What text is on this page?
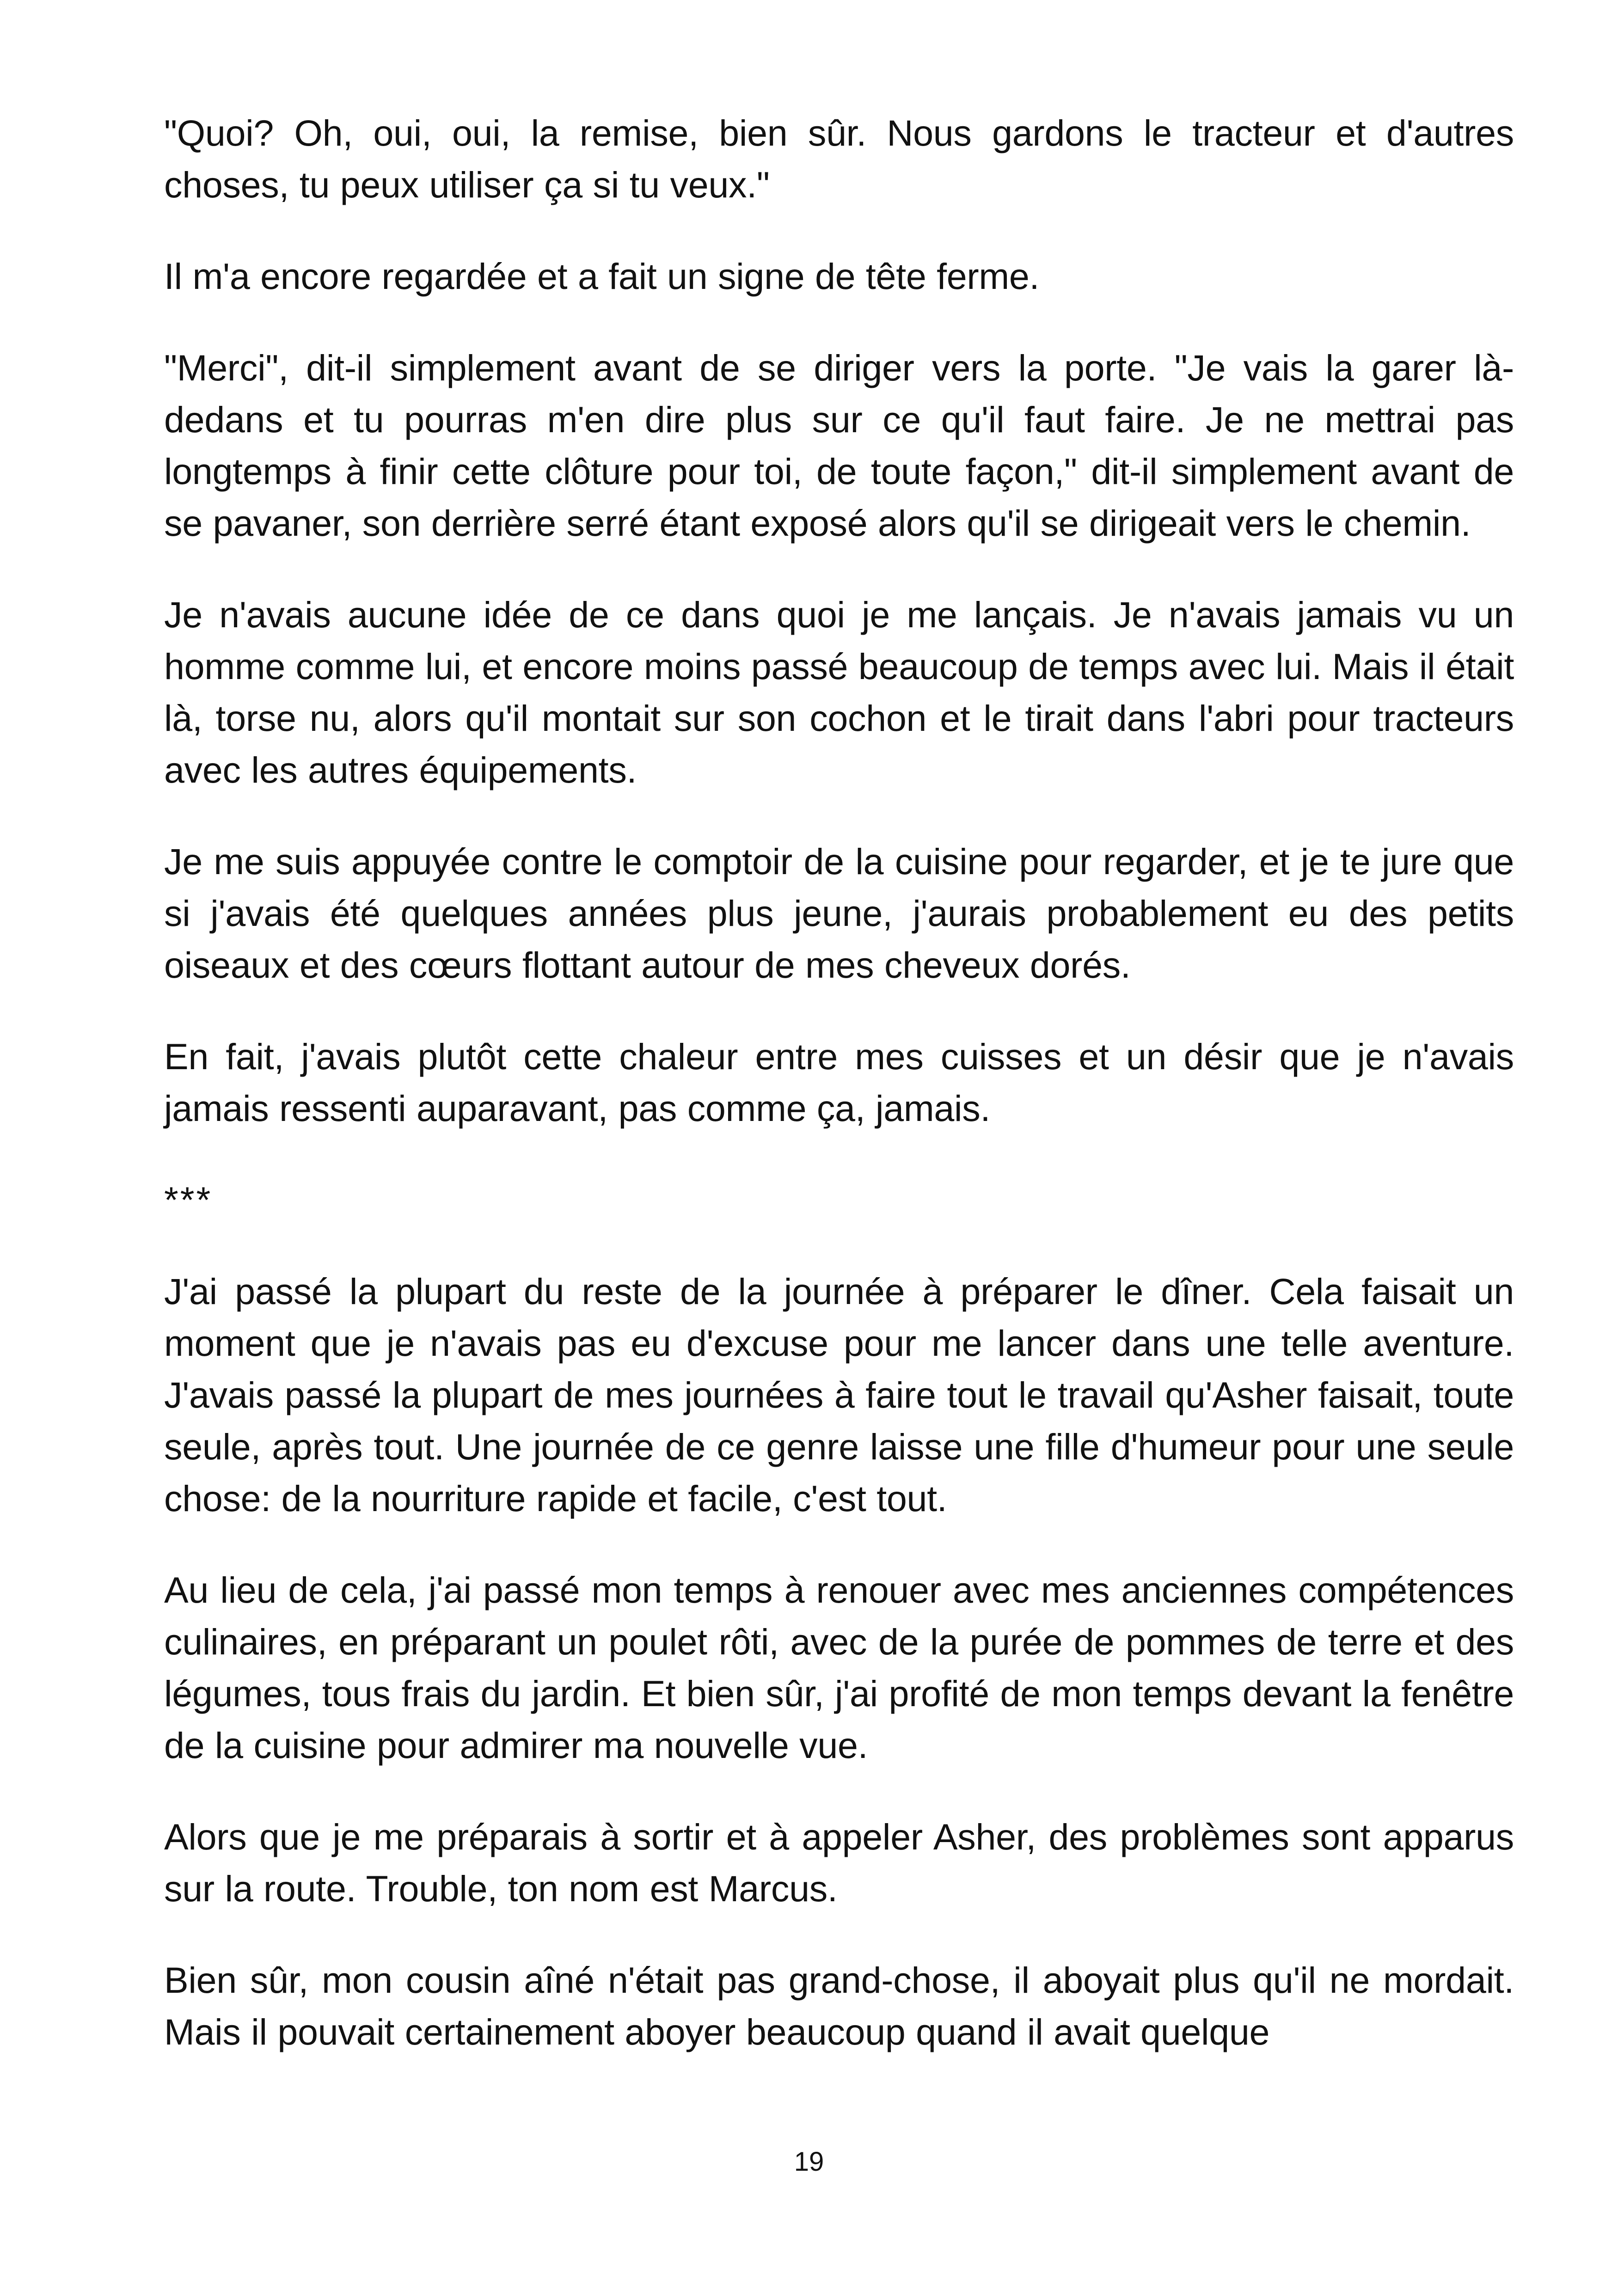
"Quoi? Oh, oui, oui, la remise, bien sûr. Nous gardons le tracteur et d'autres choses, tu peux utiliser ça si tu veux."

Il m'a encore regardée et a fait un signe de tête ferme.

"Merci", dit-il simplement avant de se diriger vers la porte. "Je vais la garer là-dedans et tu pourras m'en dire plus sur ce qu'il faut faire. Je ne mettrai pas longtemps à finir cette clôture pour toi, de toute façon," dit-il simplement avant de se pavaner, son derrière serré étant exposé alors qu'il se dirigeait vers le chemin.

Je n'avais aucune idée de ce dans quoi je me lançais. Je n'avais jamais vu un homme comme lui, et encore moins passé beaucoup de temps avec lui. Mais il était là, torse nu, alors qu'il montait sur son cochon et le tirait dans l'abri pour tracteurs avec les autres équipements.

Je me suis appuyée contre le comptoir de la cuisine pour regarder, et je te jure que si j'avais été quelques années plus jeune, j'aurais probablement eu des petits oiseaux et des cœurs flottant autour de mes cheveux dorés.

En fait, j'avais plutôt cette chaleur entre mes cuisses et un désir que je n'avais jamais ressenti auparavant, pas comme ça, jamais.

***

J'ai passé la plupart du reste de la journée à préparer le dîner. Cela faisait un moment que je n'avais pas eu d'excuse pour me lancer dans une telle aventure. J'avais passé la plupart de mes journées à faire tout le travail qu'Asher faisait, toute seule, après tout. Une journée de ce genre laisse une fille d'humeur pour une seule chose: de la nourriture rapide et facile, c'est tout.

Au lieu de cela, j'ai passé mon temps à renouer avec mes anciennes compétences culinaires, en préparant un poulet rôti, avec de la purée de pommes de terre et des légumes, tous frais du jardin. Et bien sûr, j'ai profité de mon temps devant la fenêtre de la cuisine pour admirer ma nouvelle vue.

Alors que je me préparais à sortir et à appeler Asher, des problèmes sont apparus sur la route. Trouble, ton nom est Marcus.

Bien sûr, mon cousin aîné n'était pas grand-chose, il aboyait plus qu'il ne mordait. Mais il pouvait certainement aboyer beaucoup quand il avait quelque

19
